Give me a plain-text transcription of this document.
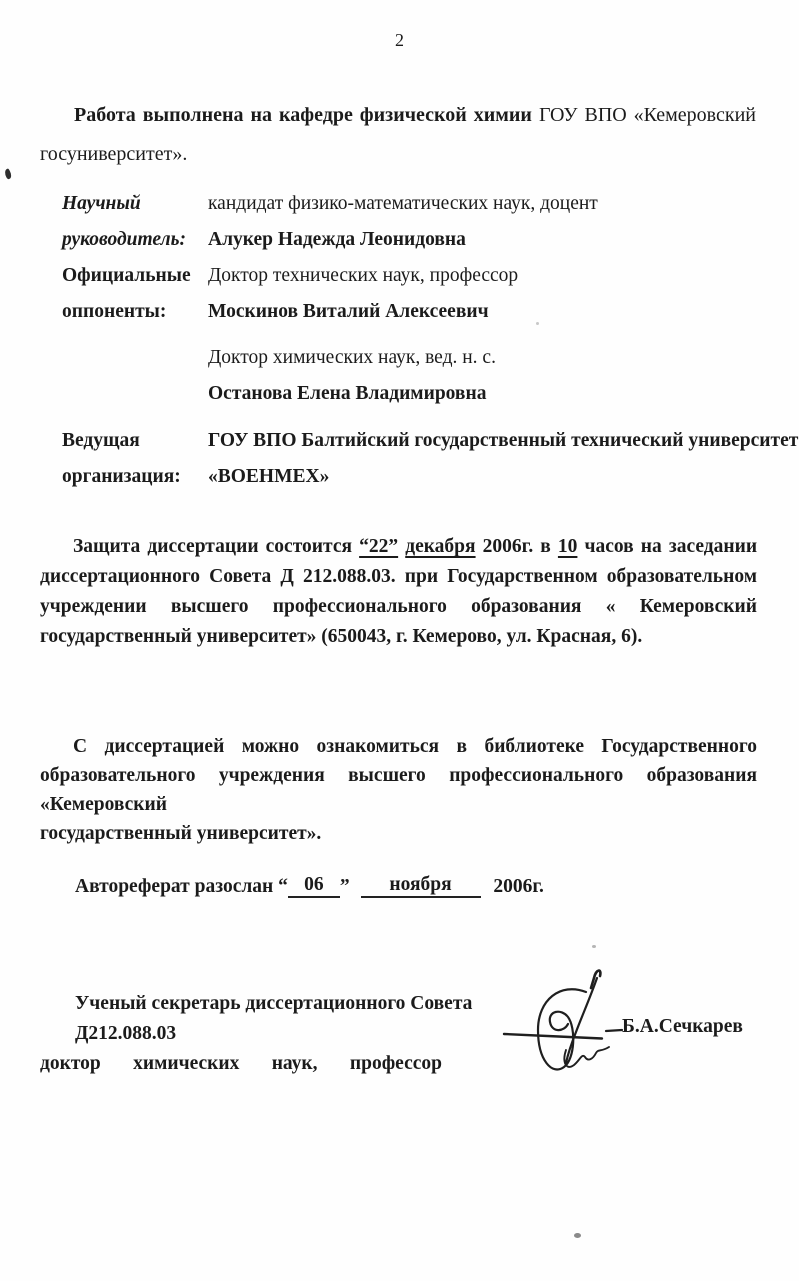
2
Работа выполнена на кафедре физической химии ГОУ ВПО «Кемеровский
госуниверситет».
Научный
руководитель:
кандидат физико-математических наук, доцент
Алукер Надежда Леонидовна
Официальные
оппоненты:
Доктор технических наук, профессор
Москинов Виталий Алексеевич
Доктор химических наук, вед. н. с.
Останова Елена Владимировна
Ведущая
организация:
ГОУ ВПО Балтийский государственный технический университет
«ВОЕНМЕХ»
Защита диссертации состоится “22” декабря 2006г. в 10 часов на заседании
диссертационного Совета Д 212.088.03. при Государственном образовательном
учреждении высшего профессионального образования « Кемеровский
государственный университет» (650043, г. Кемерово, ул. Красная, 6).
С диссертацией можно ознакомиться в библиотеке Государственного
образовательного учреждения высшего профессионального образования «Кемеровский
государственный университет».
Автореферат разослан “ 06 ” ноября 2006г.
Ученый секретарь диссертационного Совета Д212.088.03
доктор химических наук, профессор
Б.А.Сечкарев
